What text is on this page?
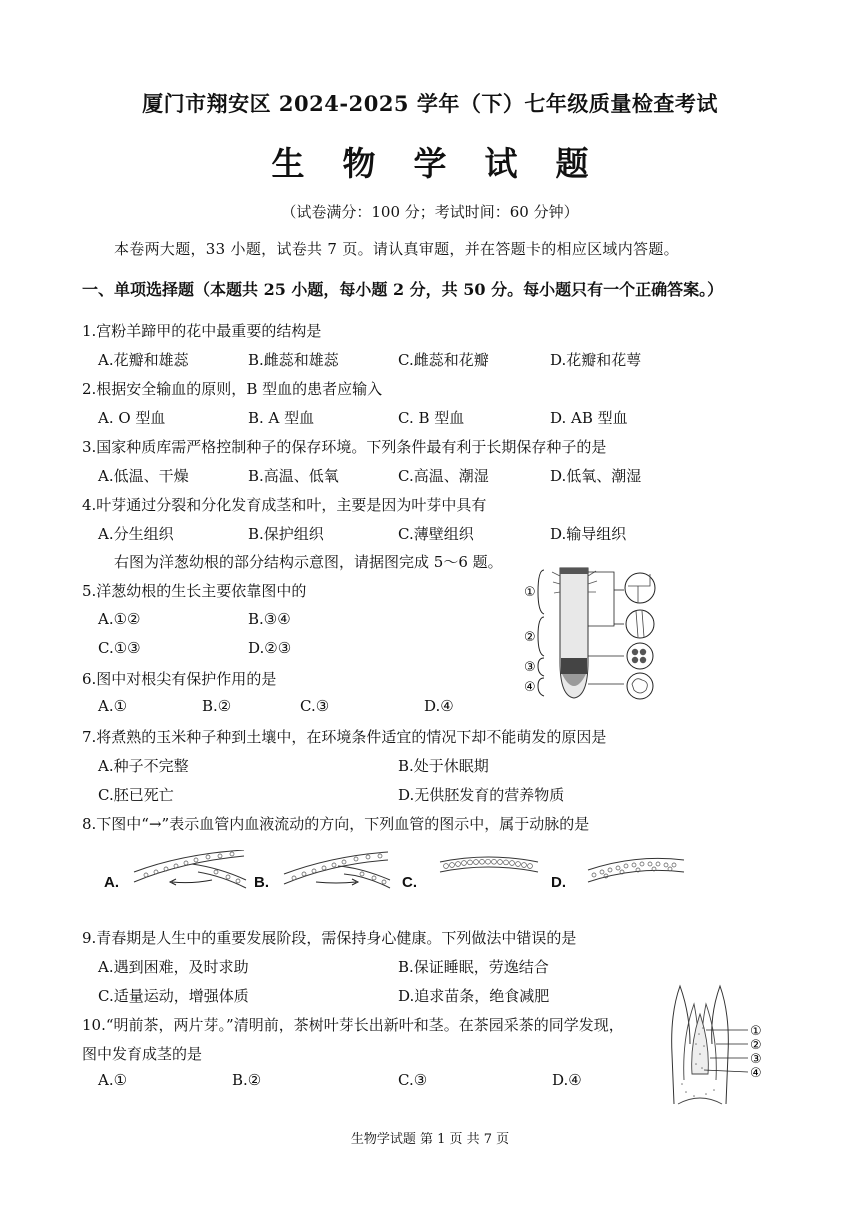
厦门市翔安区 2024-2025 学年（下）七年级质量检查考试
生物学试题
（试卷满分：100 分；考试时间：60 分钟）
本卷两大题，33 小题，试卷共 7 页。请认真审题，并在答题卡的相应区域内答题。
一、单项选择题（本题共 25 小题，每小题 2 分，共 50 分。每小题只有一个正确答案。）
1.宫粉羊蹄甲的花中最重要的结构是
A.花瓣和雄蕊	B.雌蕊和雄蕊	C.雌蕊和花瓣	D.花瓣和花萼
2.根据安全输血的原则，B 型血的患者应输入
A. O 型血	B. A 型血	C. B 型血	D. AB 型血
3.国家种质库需严格控制种子的保存环境。下列条件最有利于长期保存种子的是
A.低温、干燥	B.高温、低氧	C.高温、潮湿	D.低氧、潮湿
4.叶芽通过分裂和分化发育成茎和叶，主要是因为叶芽中具有
A.分生组织	B.保护组织	C.薄壁组织	D.输导组织
右图为洋葱幼根的部分结构示意图，请据图完成 5～6 题。
5.洋葱幼根的生长主要依靠图中的
A.①②	B.③④
C.①③	D.②③
6.图中对根尖有保护作用的是
A.①	B.②	C.③	D.④
①
②
③
④
7.将煮熟的玉米种子种到土壤中，在环境条件适宜的情况下却不能萌发的原因是
A.种子不完整	B.处于休眠期
C.胚已死亡	D.无供胚发育的营养物质
8.下图中“→”表示血管内血液流动的方向，下列血管的图示中，属于动脉的是
A.	B.	C.	D.
9.青春期是人生中的重要发展阶段，需保持身心健康。下列做法中错误的是
A.遇到困难，及时求助	B.保证睡眠，劳逸结合
C.适量运动，增强体质	D.追求苗条，绝食减肥
10.“明前茶，两片芽。”清明前，茶树叶芽长出新叶和茎。在茶园采茶的同学发现，
图中发育成茎的是
A.①	B.②	C.③	D.④
①
②
③
④
生物学试题 第 1 页 共 7 页
